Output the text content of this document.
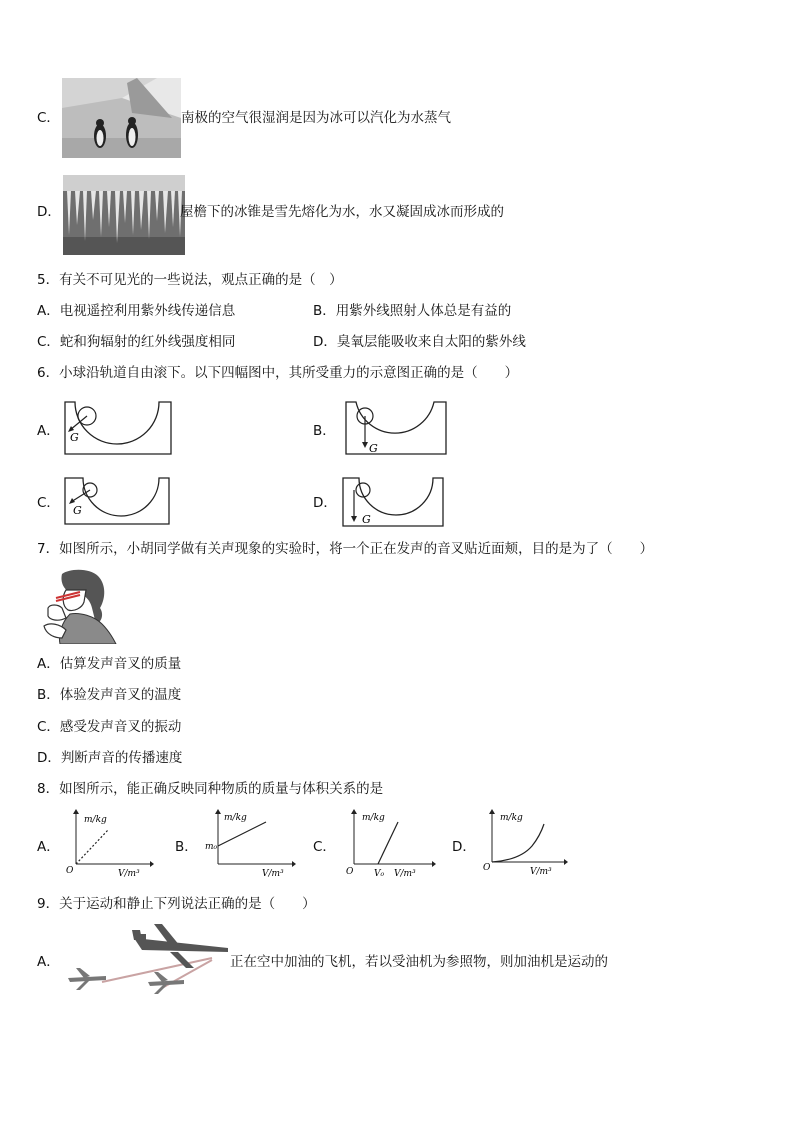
C．	南极的空气很湿润是因为冰可以汽化为水蒸气
D．	屋檐下的冰锥是雪先熔化为水，水又凝固成冰而形成的
5．有关不可见光的一些说法，观点正确的是（　）
A．电视遥控利用紫外线传递信息	B．用紫外线照射人体总是有益的
C．蛇和狗辐射的红外线强度相同	D．臭氧层能吸收来自太阳的紫外线
6．小球沿轨道自由滚下。以下四幅图中，其所受重力的示意图正确的是（　　）
A． G	B．
G
C． G	D．
G
7．如图所示，小胡同学做有关声现象的实验时，将一个正在发声的音叉贴近面颊，目的是为了（　　）
A．估算发声音叉的质量
B．体验发声音叉的温度
C．感受发声音叉的振动
D．判断声音的传播速度
8．如图所示，能正确反映同种物质的质量与体积关系的是
A．
m/kg
O	V/m³
B．
m/kg
m₀
V/m³
C．
m/kg
O V₀ V/m³
D．
m/kg
O	V/m³
9．关于运动和静止下列说法正确的是（　　）
A．	正在空中加油的飞机，若以受油机为参照物，则加油机是运动的
